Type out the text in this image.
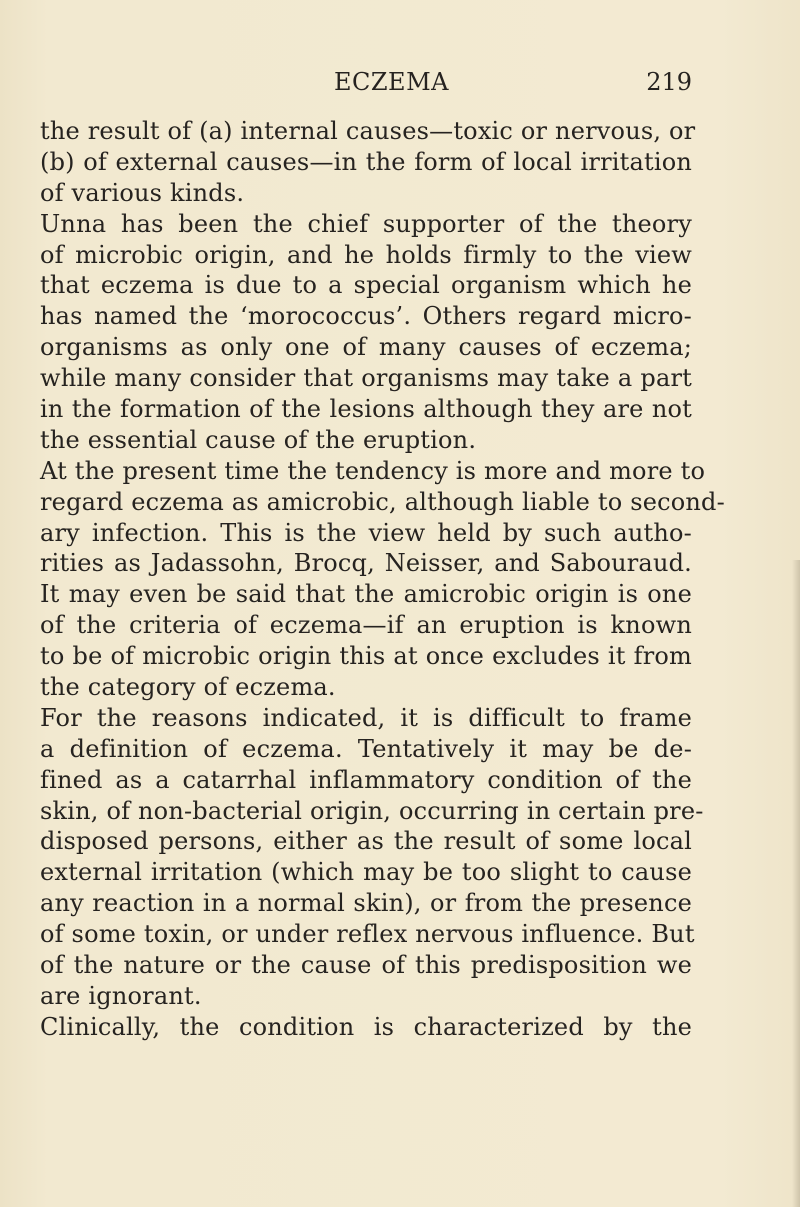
ECZEMA	219
the result of (a) internal causes—toxic or nervous, or
(b) of external causes—in the form of local irritation
of various kinds.
Unna has been the chief supporter of the theory
of microbic origin, and he holds firmly to the view
that eczema is due to a special organism which he
has named the ‘morococcus’. Others regard micro-
organisms as only one of many causes of eczema;
while many consider that organisms may take a part
in the formation of the lesions although they are not
the essential cause of the eruption.
At the present time the tendency is more and more to
regard eczema as amicrobic, although liable to second-
ary infection. This is the view held by such autho-
rities as Jadassohn, Brocq, Neisser, and Sabouraud.
It may even be said that the amicrobic origin is one
of the criteria of eczema—if an eruption is known
to be of microbic origin this at once excludes it from
the category of eczema.
For the reasons indicated, it is difficult to frame
a definition of eczema. Tentatively it may be de-
fined as a catarrhal inflammatory condition of the
skin, of non-bacterial origin, occurring in certain pre-
disposed persons, either as the result of some local
external irritation (which may be too slight to cause
any reaction in a normal skin), or from the presence
of some toxin, or under reflex nervous influence. But
of the nature or the cause of this predisposition we
are ignorant.
Clinically, the condition is characterized by the
